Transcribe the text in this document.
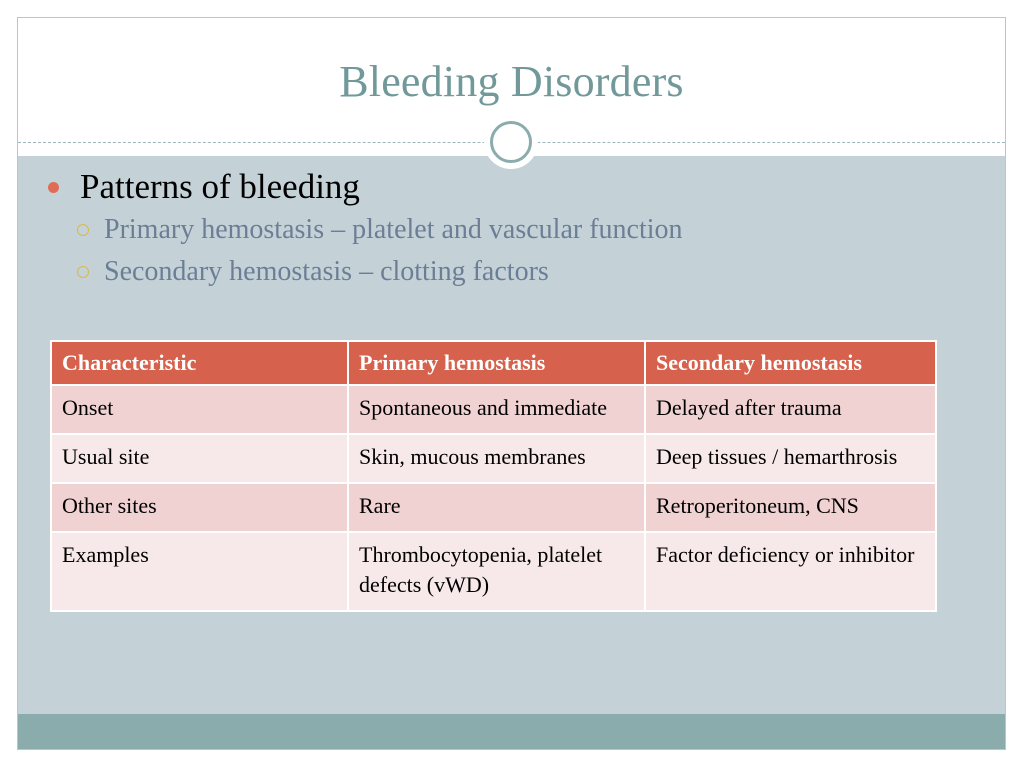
Bleeding Disorders
Patterns of bleeding
Primary hemostasis – platelet and vascular function
Secondary hemostasis – clotting factors
Characteristic	Primary hemostasis	Secondary hemostasis
Onset	Spontaneous and immediate	Delayed after trauma
Usual site	Skin, mucous membranes	Deep tissues / hemarthrosis
Other sites	Rare	Retroperitoneum, CNS
Examples	Thrombocytopenia, platelet defects (vWD)	Factor deficiency or inhibitor
